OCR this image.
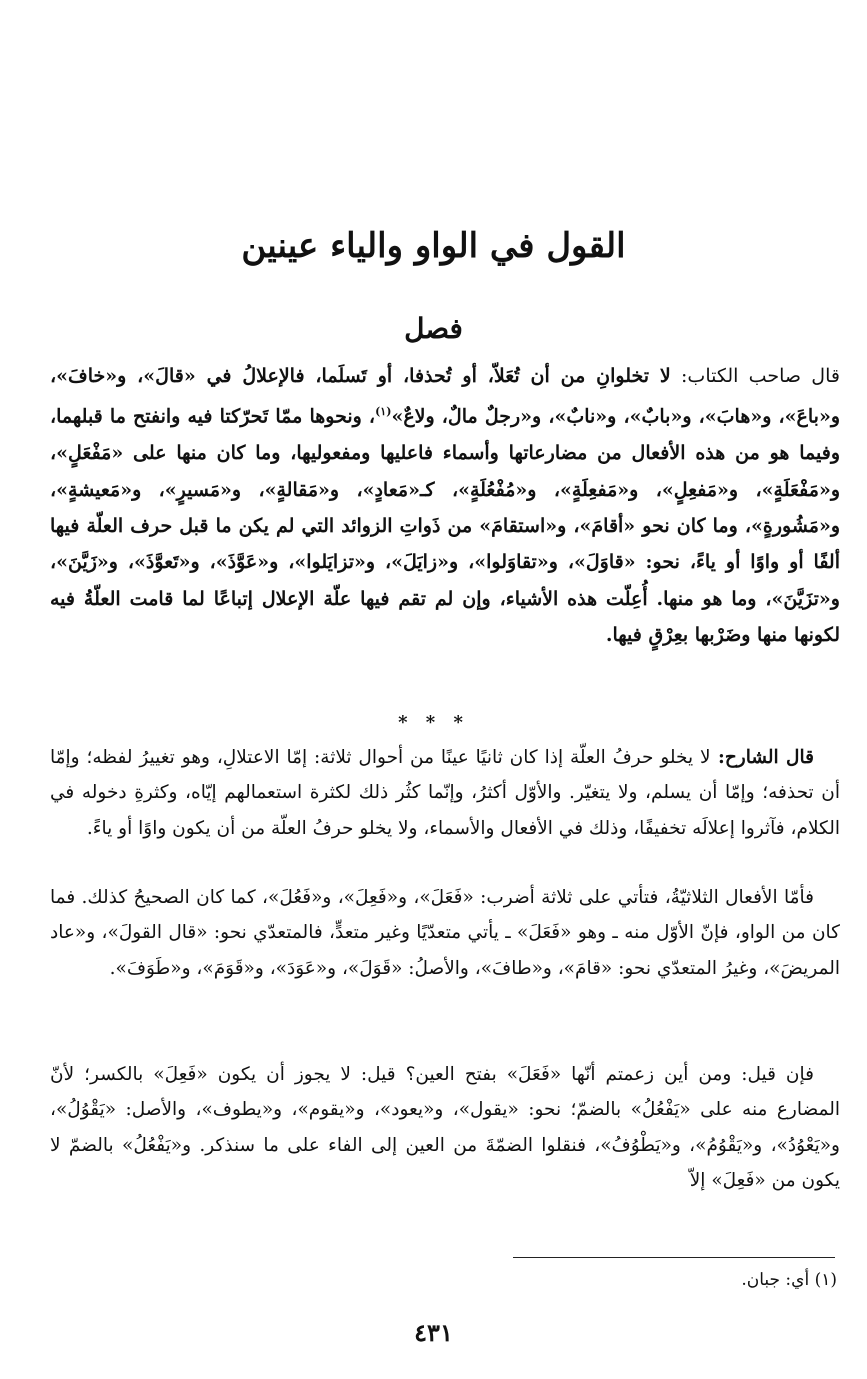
القول في الواو والياء عينين
فصل
قال صاحب الكتاب: لا تخلوانِ من أن تُعَلاّ، أو تُحذفا، أو تَسلَما، فالإعلالُ في «قالَ»، و«خافَ»، و«باعَ»، و«هابَ»، و«بابٌ»، و«نابٌ»، و«رجلٌ مالٌ، ولاعٌ»$^{(١)}$، ونحوها ممّا تَحرّكتا فيه وانفتح ما قبلهما، وفيما هو من هذه الأفعال من مضارعاتها وأسماء فاعليها ومفعوليها، وما كان منها على «مَفْعَلٍ»، و«مَفْعَلَةٍ»، و«مَفعِلٍ»، و«مَفعِلَةٍ»، و«مُفْعُلَةٍ»، كـ«مَعادٍ»، و«مَقالةٍ»، و«مَسيرٍ»، و«مَعيشةٍ»، و«مَشُورةٍ»، وما كان نحو «أقامَ»، و«استقامَ» من ذَواتِ الزوائد التي لم يكن ما قبل حرف العلّة فيها ألفًا أو واوًا أو ياءً، نحو: «قاوَلَ»، و«تقاوَلوا»، و«زايَلَ»، و«تزايَلوا»، و«عَوَّذَ»، و«تَعوَّذَ»، و«زَيَّنَ»، و«تزَيَّنَ»، وما هو منها. أُعِلّت هذه الأشياء، وإن لم تقم فيها علّة الإعلال إتباعًا لما قامت العلّةُ فيه لكونها منها وضَرْبها بعِرْقٍ فيها.
* * *

قال الشارح: لا يخلو حرفُ العلّة إذا كان ثانيًا عينًا من أحوال ثلاثة: إمّا الاعتلالِ، وهو تغييرُ لفظه؛ وإمّا أن تحذفه؛ وإمّا أن يسلم، ولا يتغيّر. والأوّل أكثرُ، وإنّما كثُر ذلك لكثرة استعمالهم إيّاه، وكثرةِ دخوله في الكلام، فآثروا إعلالَه تخفيفًا، وذلك في الأفعال والأسماء، ولا يخلو حرفُ العلّة من أن يكون واوًا أو ياءً.

فأمّا الأفعال الثلاثيّةُ، فتأتي على ثلاثة أضرب: «فَعَلَ»، و«فَعِلَ»، و«فَعُلَ»، كما كان الصحيحُ كذلك. فما كان من الواو، فإنّ الأوّل منه ـ وهو «فَعَلَ» ـ يأتي متعدّيًا وغير متعدٍّ، فالمتعدّي نحو: «قال القولَ»، و«عاد المريضَ»، وغيرُ المتعدّي نحو: «قامَ»، و«طافَ»، والأصلُ: «قَوَلَ»، و«عَوَدَ»، و«قَوَمَ»، و«طَوَفَ».

فإن قيل: ومن أين زعمتم أنّها «فَعَلَ» بفتح العين؟ قيل: لا يجوز أن يكون «فَعِلَ» بالكسر؛ لأنّ المضارع منه على «يَفْعُلُ» بالضمّ؛ نحو: «يقول»، و«يعود»، و«يقوم»، و«يطوف»، والأصل: «يَقْوُلُ»، و«يَعْوُدُ»، و«يَقْوُمُ»، و«يَطْوُفُ»، فنقلوا الضمّةَ من العين إلى الفاء على ما سنذكر. و«يَفْعُلُ» بالضمّ لا يكون من «فَعِلَ» إلاّ

(١) أي: جبان.
٤٣١
